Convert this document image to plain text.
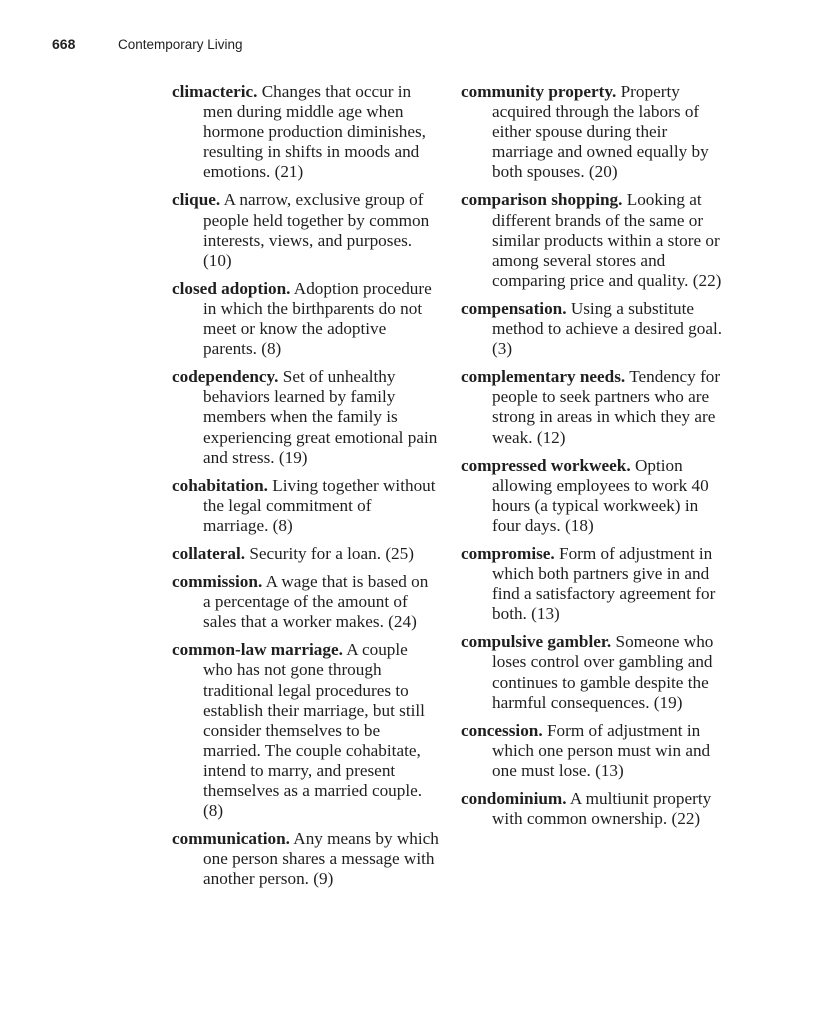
668	Contemporary Living

climacteric. Changes that occur in men during middle age when hormone production diminishes, resulting in shifts in moods and emotions. (21)

clique. A narrow, exclusive group of people held together by common interests, views, and purposes. (10)

closed adoption. Adoption procedure in which the birthparents do not meet or know the adoptive parents. (8)

codependency. Set of unhealthy behaviors learned by family members when the family is experiencing great emotional pain and stress. (19)

cohabitation. Living together without the legal commitment of marriage. (8)

collateral. Security for a loan. (25)

commission. A wage that is based on a percentage of the amount of sales that a worker makes. (24)

common-law marriage. A couple who has not gone through traditional legal procedures to establish their marriage, but still consider themselves to be married. The couple cohabitate, intend to marry, and present themselves as a married couple. (8)

communication. Any means by which one person shares a message with another person. (9)

community property. Property acquired through the labors of either spouse during their marriage and owned equally by both spouses. (20)

comparison shopping. Looking at different brands of the same or similar products within a store or among several stores and comparing price and quality. (22)

compensation. Using a substitute method to achieve a desired goal. (3)

complementary needs. Tendency for people to seek partners who are strong in areas in which they are weak. (12)

compressed workweek. Option allowing employees to work 40 hours (a typical workweek) in four days. (18)

compromise. Form of adjustment in which both partners give in and find a satisfactory agreement for both. (13)

compulsive gambler. Someone who loses control over gambling and continues to gamble despite the harmful consequences. (19)

concession. Form of adjustment in which one person must win and one must lose. (13)

condominium. A multiunit property with common ownership. (22)
